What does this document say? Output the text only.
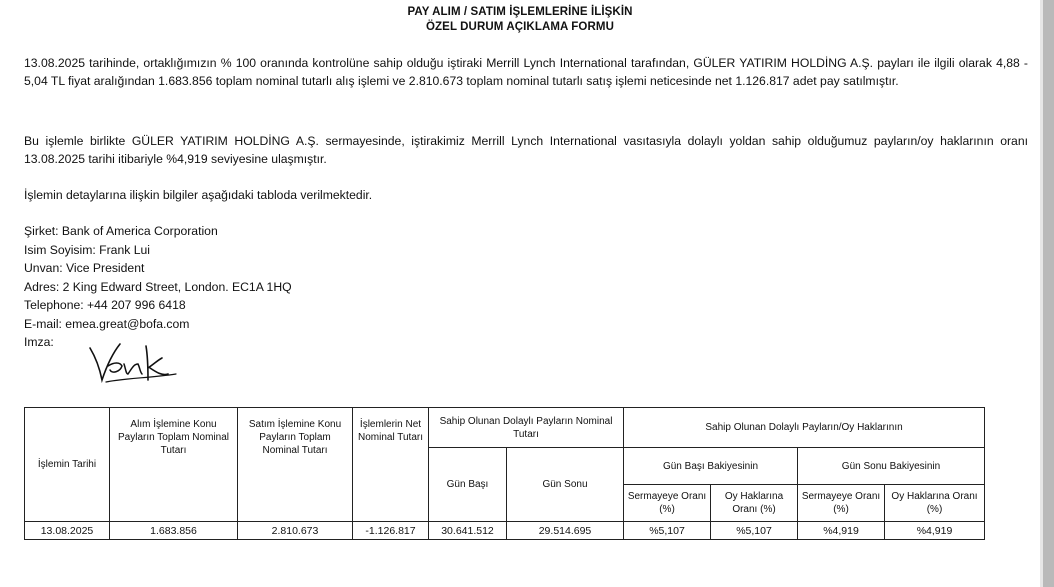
PAY ALIM / SATIM İŞLEMLERİNE İLİŞKİN
ÖZEL DURUM AÇIKLAMA FORMU

13.08.2025 tarihinde, ortaklığımızın % 100 oranında kontrolüne sahip olduğu iştiraki Merrill Lynch International tarafından, GÜLER YATIRIM HOLDİNG A.Ş. payları ile ilgili olarak 4,88 - 5,04 TL fiyat aralığından 1.683.856 toplam nominal tutarlı alış işlemi ve 2.810.673 toplam nominal tutarlı satış işlemi neticesinde net 1.126.817 adet pay satılmıştır.

Bu işlemle birlikte GÜLER YATIRIM HOLDİNG A.Ş. sermayesinde, iştirakimiz Merrill Lynch International vasıtasıyla dolaylı yoldan sahip olduğumuz payların/oy haklarının oranı 13.08.2025 tarihi itibariyle %4,919 seviyesine ulaşmıştır.

İşlemin detaylarına ilişkin bilgiler aşağıdaki tabloda verilmektedir.

Şirket: Bank of America Corporation
Isim Soyisim: Frank Lui
Unvan: Vice President
Adres: 2 King Edward Street, London. EC1A 1HQ
Telephone: +44 207 996 6418
E-mail: emea.great@bofa.com
Imza:
İşlemin Tarihi	Alım İşlemine Konu Payların Toplam Nominal Tutarı	Satım İşlemine Konu Payların Toplam Nominal Tutarı	İşlemlerin Net Nominal Tutarı	Sahip Olunan Dolaylı Payların Nominal Tutarı		Sahip Olunan Dolaylı Payların/Oy Haklarının			
				Gün Başı	Gün Sonu	Gün Başı Bakiyesinin		Gün Sonu Bakiyesinin	
						Sermayeye Oranı (%)	Oy Haklarına Oranı (%)	Sermayeye Oranı (%)	Oy Haklarına Oranı (%)
13.08.2025	1.683.856	2.810.673	-1.126.817	30.641.512	29.514.695	%5,107	%5,107	%4,919	%4,919
